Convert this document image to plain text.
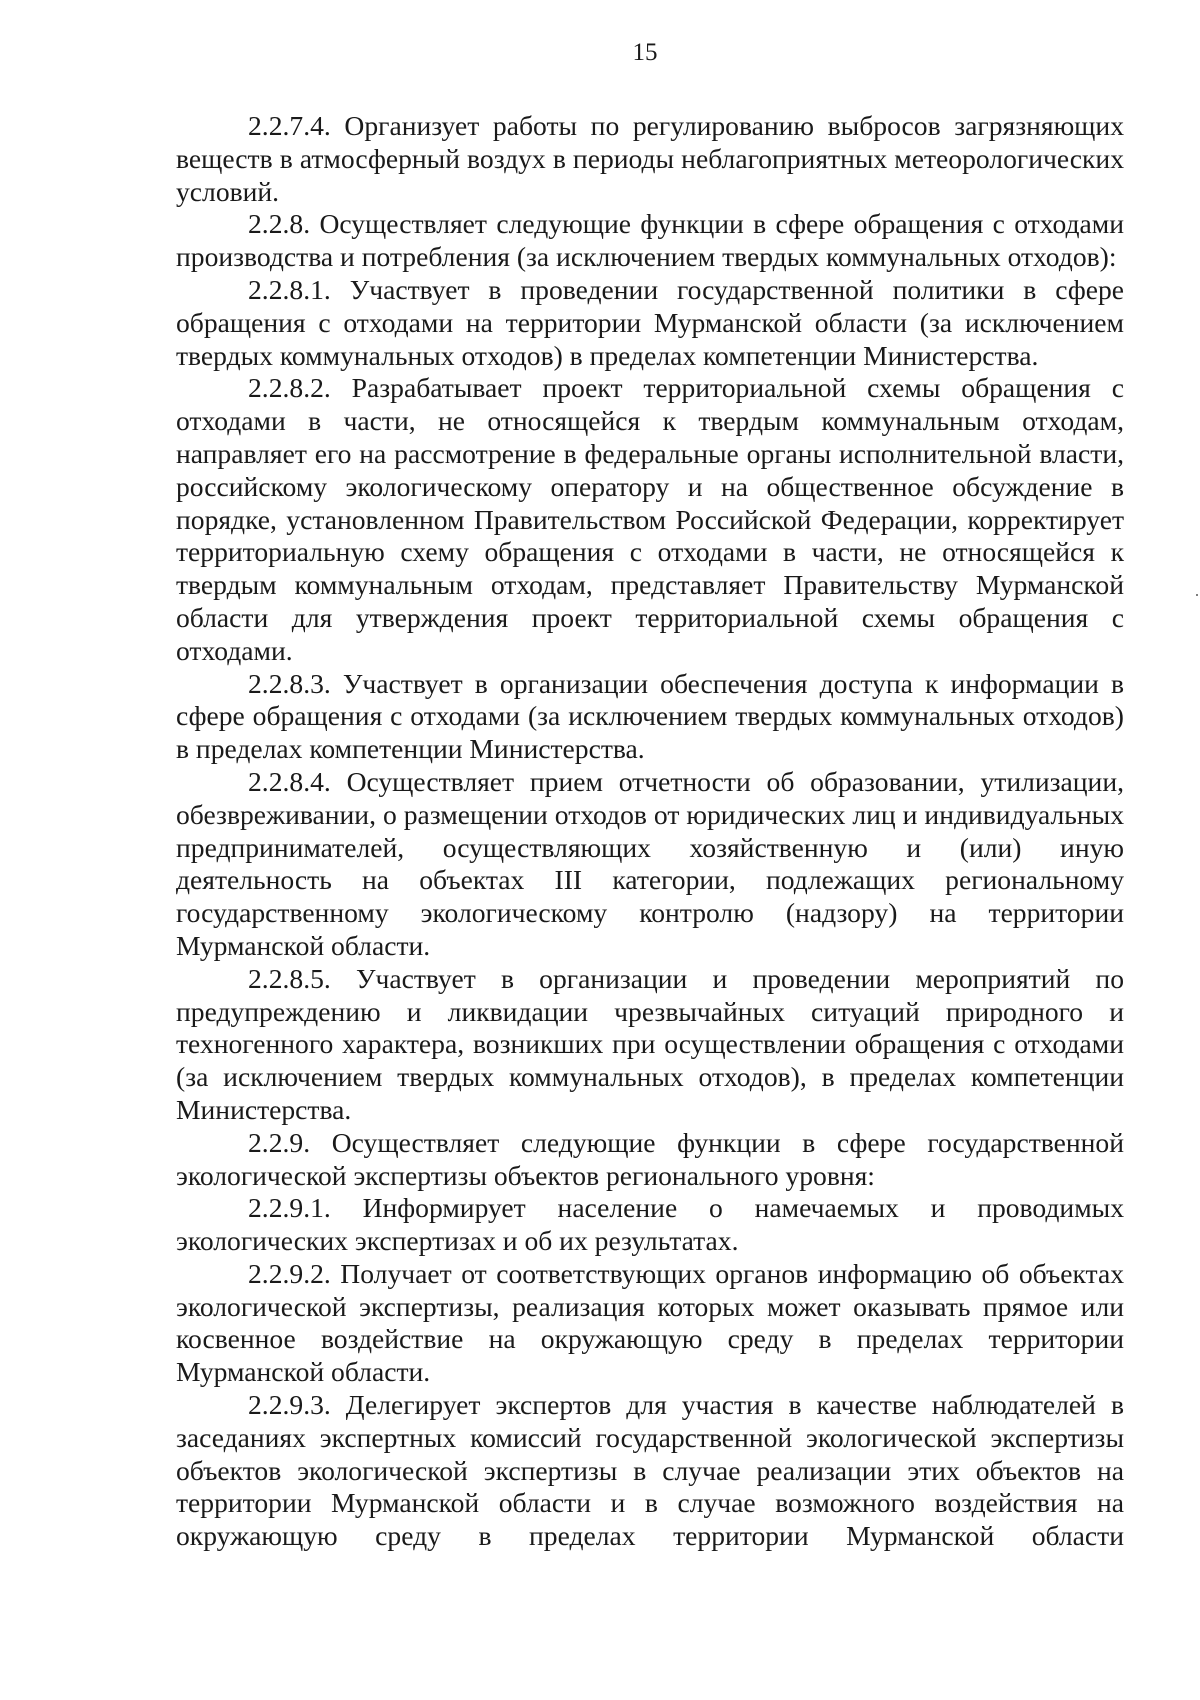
15

2.2.7.4. Организует работы по регулированию выбросов загрязняющих веществ в атмосферный воздух в периоды неблагоприятных метеорологических условий.

2.2.8. Осуществляет следующие функции в сфере обращения с отходами производства и потребления (за исключением твердых коммунальных отходов):

2.2.8.1. Участвует в проведении государственной политики в сфере обращения с отходами на территории Мурманской области (за исключением твердых коммунальных отходов) в пределах компетенции Министерства.

2.2.8.2. Разрабатывает проект территориальной схемы обращения с отходами в части, не относящейся к твердым коммунальным отходам, направляет его на рассмотрение в федеральные органы исполнительной власти, российскому экологическому оператору и на общественное обсуждение в порядке, установленном Правительством Российской Федерации, корректирует территориальную схему обращения с отходами в части, не относящейся к твердым коммунальным отходам, представляет Правительству Мурманской области для утверждения проект территориальной схемы обращения с отходами.

2.2.8.3. Участвует в организации обеспечения доступа к информации в сфере обращения с отходами (за исключением твердых коммунальных отходов) в пределах компетенции Министерства.

2.2.8.4. Осуществляет прием отчетности об образовании, утилизации, обезвреживании, о размещении отходов от юридических лиц и индивидуальных предпринимателей, осуществляющих хозяйственную и (или) иную деятельность на объектах III категории, подлежащих региональному государственному экологическому контролю (надзору) на территории Мурманской области.

2.2.8.5. Участвует в организации и проведении мероприятий по предупреждению и ликвидации чрезвычайных ситуаций природного и техногенного характера, возникших при осуществлении обращения с отходами (за исключением твердых коммунальных отходов), в пределах компетенции Министерства.

2.2.9. Осуществляет следующие функции в сфере государственной экологической экспертизы объектов регионального уровня:

2.2.9.1. Информирует население о намечаемых и проводимых экологических экспертизах и об их результатах.

2.2.9.2. Получает от соответствующих органов информацию об объектах экологической экспертизы, реализация которых может оказывать прямое или косвенное воздействие на окружающую среду в пределах территории Мурманской области.

2.2.9.3. Делегирует экспертов для участия в качестве наблюдателей в заседаниях экспертных комиссий государственной экологической экспертизы объектов экологической экспертизы в случае реализации этих объектов на территории Мурманской области и в случае возможного воздействия на окружающую среду в пределах территории Мурманской области
